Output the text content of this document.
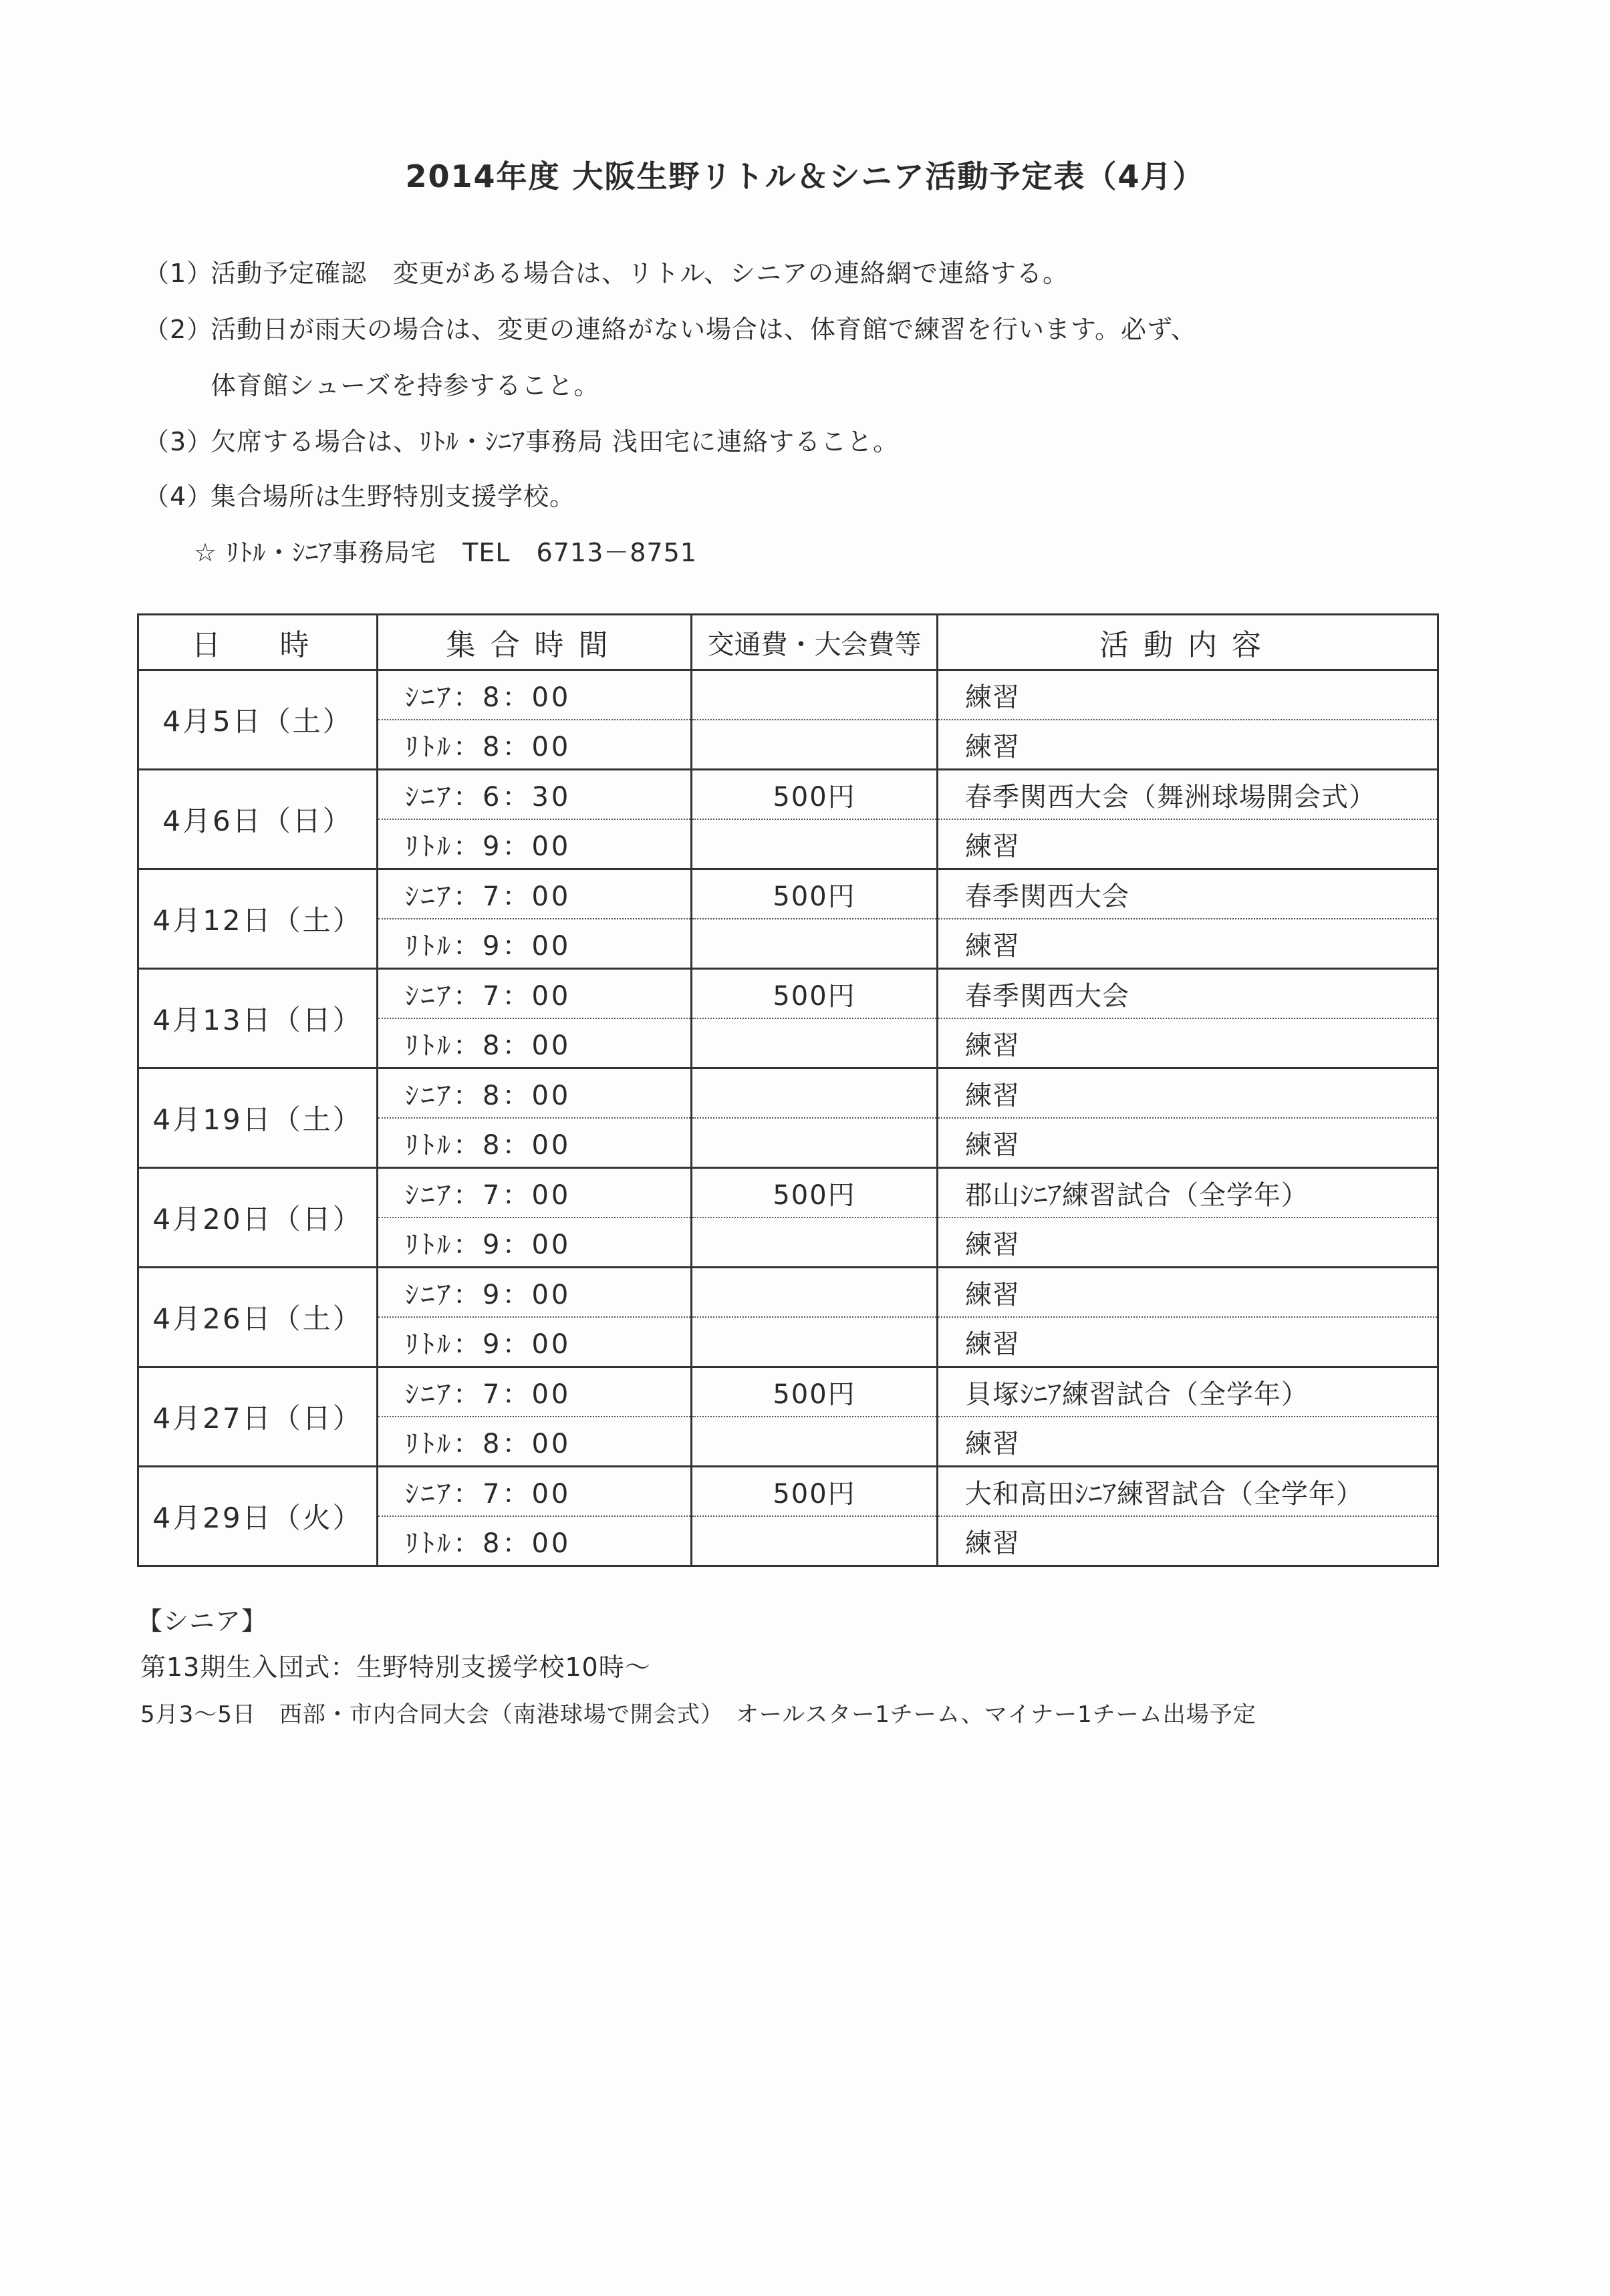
2014年度 大阪生野リトル＆シニア活動予定表（4月）
（1）活動予定確認　変更がある場合は、リトル、シニアの連絡網で連絡する。
（2）活動日が雨天の場合は、変更の連絡がない場合は、体育館で練習を行います。必ず、
体育館シューズを持参すること。
（3）欠席する場合は、ﾘﾄﾙ・ｼﾆｱ事務局 浅田宅に連絡すること。
（4）集合場所は生野特別支援学校。
☆ ﾘﾄﾙ・ｼﾆｱ事務局宅　TEL　6713－8751
日　時	集合時間	交通費・大会費等	活動内容
4月5日（土）	ｼﾆｱ：8：00		練習
	ﾘﾄﾙ：8：00		練習
4月6日（日）	ｼﾆｱ：6：30	500円	春季関西大会（舞洲球場開会式）
	ﾘﾄﾙ：9：00		練習
4月12日（土）	ｼﾆｱ：7：00	500円	春季関西大会
	ﾘﾄﾙ：9：00		練習
4月13日（日）	ｼﾆｱ：7：00	500円	春季関西大会
	ﾘﾄﾙ：8：00		練習
4月19日（土）	ｼﾆｱ：8：00		練習
	ﾘﾄﾙ：8：00		練習
4月20日（日）	ｼﾆｱ：7：00	500円	郡山ｼﾆｱ練習試合（全学年）
	ﾘﾄﾙ：9：00		練習
4月26日（土）	ｼﾆｱ：9：00		練習
	ﾘﾄﾙ：9：00		練習
4月27日（日）	ｼﾆｱ：7：00	500円	貝塚ｼﾆｱ練習試合（全学年）
	ﾘﾄﾙ：8：00		練習
4月29日（火）	ｼﾆｱ：7：00	500円	大和高田ｼﾆｱ練習試合（全学年）
	ﾘﾄﾙ：8：00		練習
【シニア】
第13期生入団式：生野特別支援学校10時～
5月3～5日　西部・市内合同大会（南港球場で開会式）　オールスター1チーム、マイナー1チーム出場予定
